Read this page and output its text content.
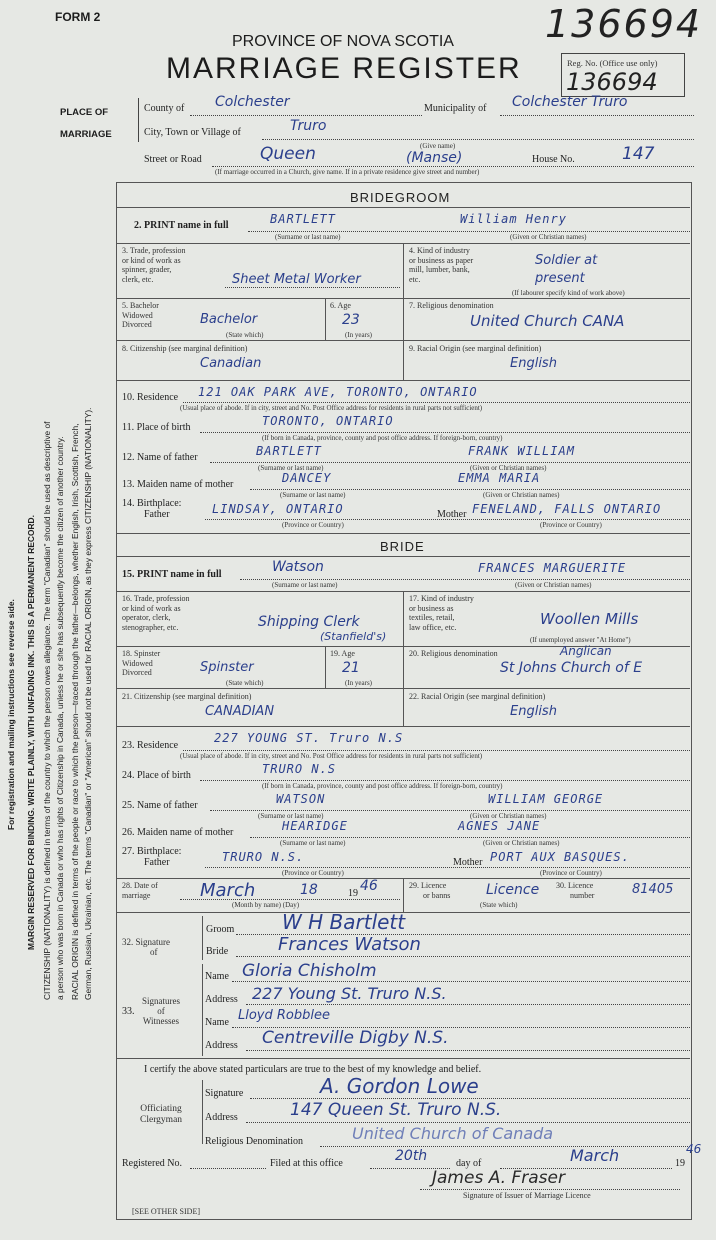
FORM 2	136694
PROVINCE OF NOVA SCOTIA
MARRIAGE REGISTER	Reg. No. (Office use only)
136694
PLACE OF
MARRIAGE
County of Colchester	Municipality of Colchester Truro
City, Town or Village of	Truro
Street or Road	Queen	(Give name)
(Manse)	House No.	147
(If marriage occurred in a Church, give name. If in a private residence give street and number)
BRIDEGROOM
2. PRINT name in full	BARTLETT	William Henry
(Surname or last name)	(Given or Christian names)
3. Trade, profession
or kind of work as
spinner, grader,
clerk, etc.	Sheet Metal Worker
4. Kind of industry
or business as paper
mill, lumber, bank,
etc.
Soldier at present
(If labourer specify kind of work above)
5. Bachelor
Widowed
Divorced	Bachelor
(State which)
6. Age
23
(In years)
7. Religious denomination
United Church CANA
8. Citizenship (see marginal definition)
Canadian
9. Racial Origin (see marginal definition)
English
10. Residence 121 OAK PARK AVE, TORONTO, ONTARIO
(Usual place of abode. If in city, street and No. Post Office address for residents in rural parts not sufficient)
11. Place of birth	TORONTO, ONTARIO
(If born in Canada, province, county and post office address. If foreign-born, country)
12. Name of father	BARTLETT	FRANK WILLIAM
(Surname or last name)	(Given or Christian names)
13. Maiden name of mother	DANCEY	EMMA MARIA
(Surname or last name)	(Given or Christian names)
14. Birthplace:
Father	LINDSAY, ONTARIO	Mother FENELAND, FALLS ONTARIO
(Province or Country)	(Province or Country)
BRIDE
15. PRINT name in full	Watson	FRANCES MARGUERITE
(Surname or last name)	(Given or Christian names)
16. Trade, profession
or kind of work as
operator, clerk,
stenographer, etc.	Shipping Clerk
(Stanfield's)
17. Kind of industry
or business as
textiles, retail,
law office, etc.	Woollen Mills
(If unemployed answer "At Home")
18. Spinster
Widowed
Divorced	Spinster
(State which)
19. Age
21
(In years)
20. Religious denomination	Anglican
St Johns Church of E
21. Citizenship (see marginal definition)
CANADIAN
22. Racial Origin (see marginal definition)
English
23. Residence
227 YOUNG ST. Truro N.S
(Usual place of abode. If in city, street and No. Post Office address for residents in rural parts not sufficient)
24. Place of birth	TRURO N.S
(If born in Canada, province, county and post office address. If foreign-born, country)
25. Name of father	WATSON	WILLIAM GEORGE
(Surname or last name)	(Given or Christian names)
26. Maiden name of mother	HEARIDGE	AGNES JANE
(Surname or last name)	(Given or Christian names)
27. Birthplace:
Father	TRURO N.S.	Mother PORT AUX BASQUES.
(Province or Country)	(Province or Country)
28. Date of
marriage	March	18	19 46
(Month by name) (Day)
29. Licence
or banns	Licence
(State which)
30. Licence
number	81405
32. Signature
of
Groom W H Bartlett
Bride	Frances Watson
33.
Signatures
of
Witnesses
Name Gloria Chisholm
Address 227 Young St. Truro N.S.
Name Lloyd Robblee
Address Centreville Digby N.S.
I certify the above stated particulars are true to the best of my knowledge and belief.
Signature	A. Gordon Lowe
Officiating
Clergyman Address	147 Queen St. Truro N.S.
Religious Denomination	United Church of Canada
Registered No.	Filed at this office	20th	day of	March	19
46
James A. Fraser
Signature of Issuer of Marriage Licence
[SEE OTHER SIDE]
For registration and mailing instructions see reverse side. MARGIN RESERVED FOR BINDING. WRITE PLAINLY, WITH UNFADING INK. THIS IS A PERMANENT RECORD. CITIZENSHIP (NATIONALITY) is defined in terms of the country to which the person owes allegiance. The term "Canadian" should be used as descriptive of a person who was born in Canada or who has rights of Citizenship in Canada, unless he or she has subsequently become the citizen of another country. RACIAL ORIGIN is defined in terms of the people or race to which the person—traced through the father—belongs, whether English, Irish, Scottish, French, German, Russian, Ukrainian, etc. The terms "Canadian" or "American" should not be used for RACIAL ORIGIN, as they express CITIZENSHIP (NATIONALITY).
